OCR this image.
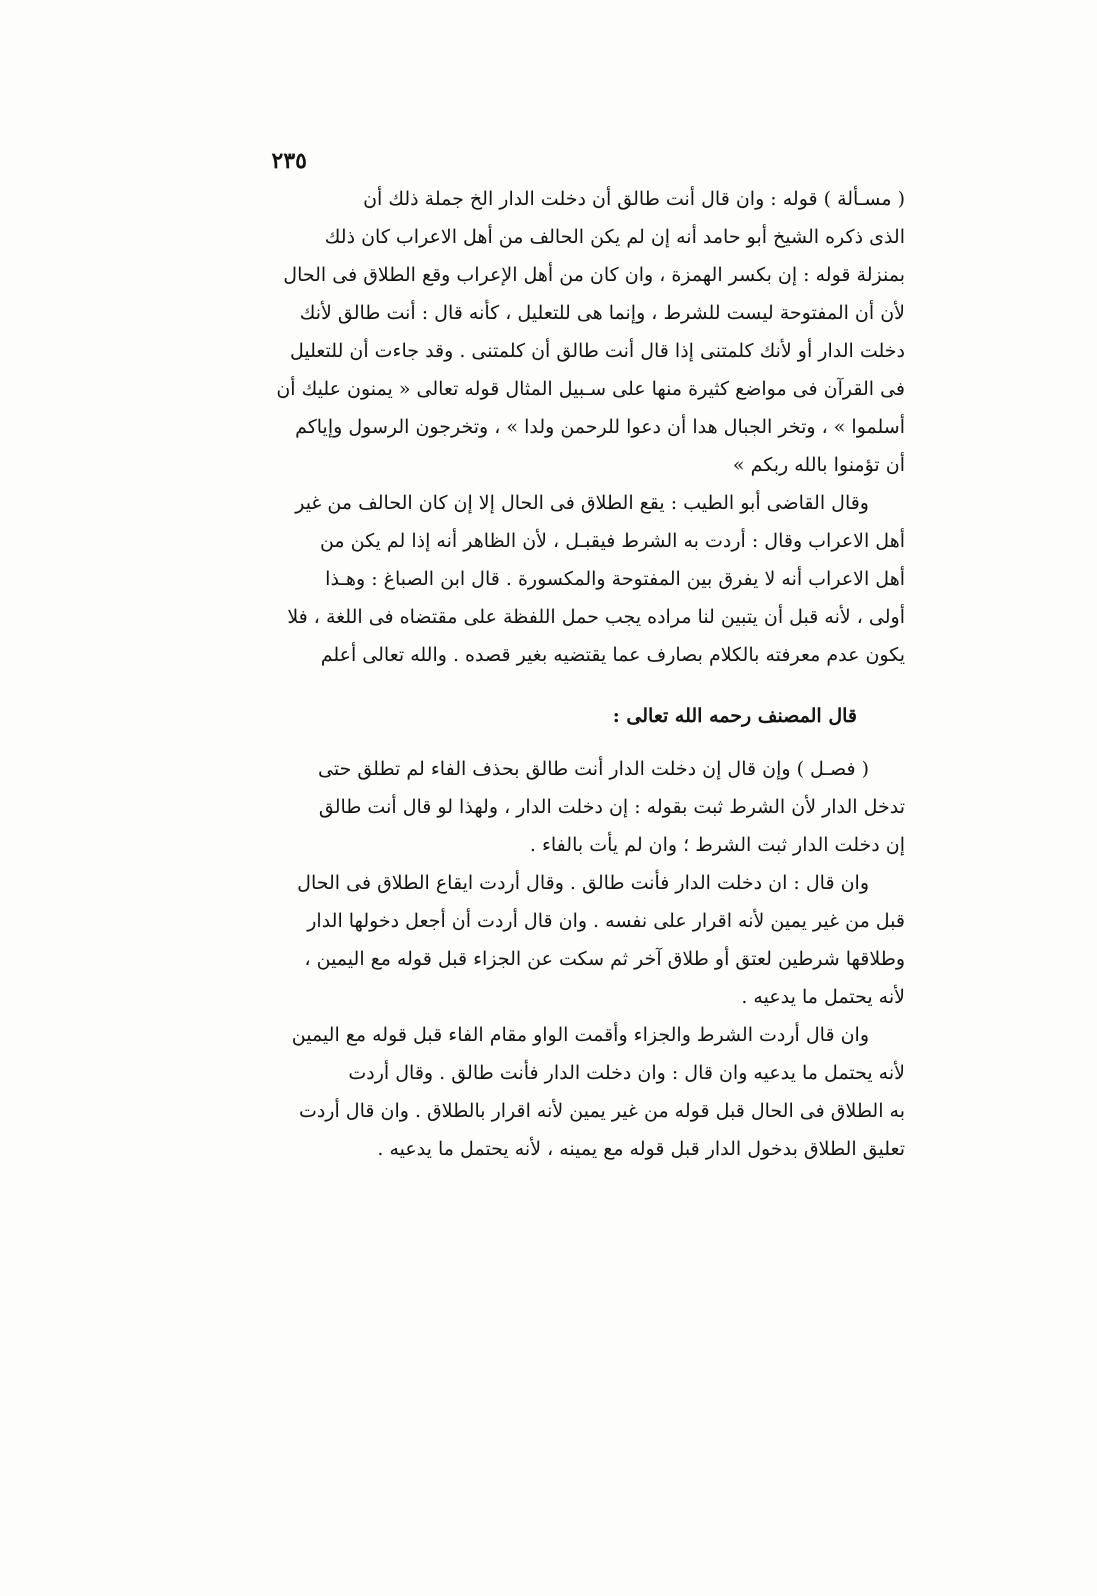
٢٣٥
( مسـألة ) قوله : وان قال أنت طالق أن دخلت الدار الخ جملة ذلك أن
الذى ذكره الشيخ أبو حامد أنه إن لم يكن الحالف من أهل الاعراب كان ذلك
بمنزلة قوله : إن بكسر الهمزة ، وان كان من أهل الإعراب وقع الطلاق فى الحال
لأن أن المفتوحة ليست للشرط ، وإنما هى للتعليل ، كأنه قال : أنت طالق لأنك
دخلت الدار أو لأنك كلمتنى إذا قال أنت طالق أن كلمتنى . وقد جاءت أن للتعليل
فى القرآن فى مواضع كثيرة منها على سـبيل المثال قوله تعالى « يمنون عليك أن
أسلموا » ، وتخر الجبال هدا أن دعوا للرحمن ولدا » ، وتخرجون الرسول وإياكم
أن تؤمنوا بالله ربكم »
وقال القاضى أبو الطيب : يقع الطلاق فى الحال إلا إن كان الحالف من غير
أهل الاعراب وقال : أردت به الشرط فيقبـل ، لأن الظاهر أنه إذا لم يكن من
أهل الاعراب أنه لا يفرق بين المفتوحة والمكسورة . قال ابن الصباغ : وهـذا
أولى ، لأنه قبل أن يتبين لنا مراده يجب حمل اللفظة على مقتضاه فى اللغة ، فلا
يكون عدم معرفته بالكلام بصارف عما يقتضيه بغير قصده . والله تعالى أعلم
قال المصنف رحمه الله تعالى :
( فصـل ) وإن قال إن دخلت الدار أنت طالق بحذف الفاء لم تطلق حتى
تدخل الدار لأن الشرط ثبت بقوله : إن دخلت الدار ، ولهذا لو قال أنت طالق
إن دخلت الدار ثبت الشرط ؛ وان لم يأت بالفاء .
وان قال : ان دخلت الدار فأنت طالق . وقال أردت ايقاع الطلاق فى الحال
قبل من غير يمين لأنه اقرار على نفسه . وان قال أردت أن أجعل دخولها الدار
وطلاقها شرطين لعتق أو طلاق آخر ثم سكت عن الجزاء قبل قوله مع اليمين ،
لأنه يحتمل ما يدعيه .
وان قال أردت الشرط والجزاء وأقمت الواو مقام الفاء قبل قوله مع اليمين
لأنه يحتمل ما يدعيه وان قال : وان دخلت الدار فأنت طالق . وقال أردت
به الطلاق فى الحال قبل قوله من غير يمين لأنه اقرار بالطلاق . وان قال أردت
تعليق الطلاق بدخول الدار قبل قوله مع يمينه ، لأنه يحتمل ما يدعيه .
